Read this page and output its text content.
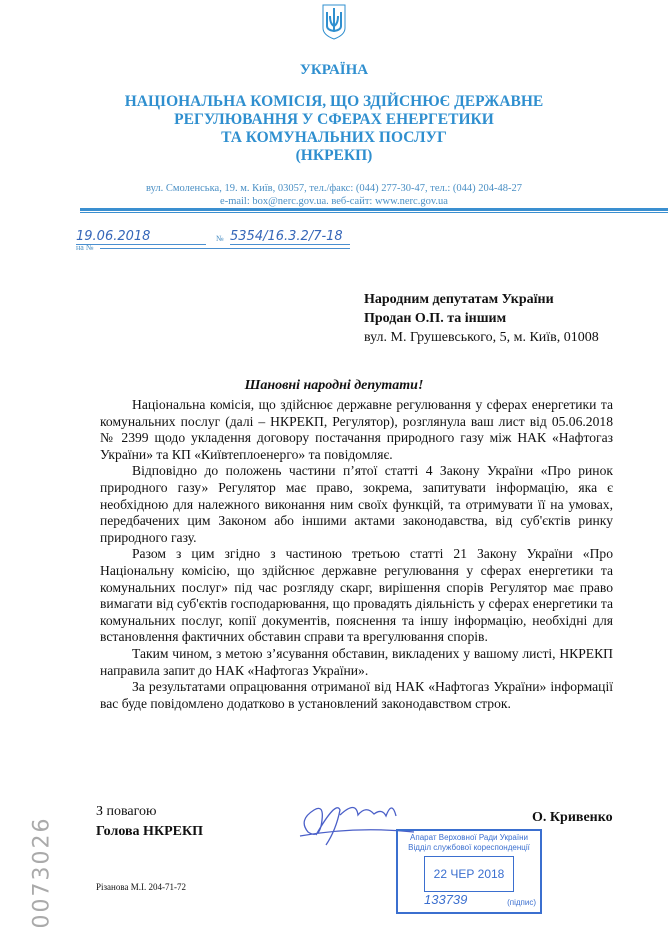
УКРАЇНА
НАЦІОНАЛЬНА КОМІСІЯ, ЩО ЗДІЙСНЮЄ ДЕРЖАВНЕ
РЕГУЛЮВАННЯ У СФЕРАХ ЕНЕРГЕТИКИ
ТА КОМУНАЛЬНИХ ПОСЛУГ
(НКРЕКП)
вул. Смоленська, 19. м. Київ, 03057, тел./факс: (044) 277-30-47, тел.: (044) 204-48-27
e-mail: box@nerc.gov.ua. веб-сайт: www.nerc.gov.ua
19.06.2018	№ 5354/16.3.2/7-18
на №
Народним депутатам України
Продан О.П. та іншим
вул. М. Грушевського, 5, м. Київ, 01008
Шановні народні депутати!

Національна комісія, що здійснює державне регулювання у сферах енергетики та комунальних послуг (далі – НКРЕКП, Регулятор), розглянула ваш лист від 05.06.2018 № 2399 щодо укладення договору постачання природного газу між НАК «Нафтогаз України» та КП «Київтеплоенерго» та повідомляє.

Відповідно до положень частини п’ятої статті 4 Закону України «Про ринок природного газу» Регулятор має право, зокрема, запитувати інформацію, яка є необхідною для належного виконання ним своїх функцій, та отримувати її на умовах, передбачених цим Законом або іншими актами законодавства, від суб'єктів ринку природного газу.

Разом з цим згідно з частиною третьою статті 21 Закону України «Про Національну комісію, що здійснює державне регулювання у сферах енергетики та комунальних послуг» під час розгляду скарг, вирішення спорів Регулятор має право вимагати від суб'єктів господарювання, що провадять діяльність у сферах енергетики та комунальних послуг, копії документів, пояснення та іншу інформацію, необхідні для встановлення фактичних обставин справи та врегулювання спорів.

Таким чином, з метою з’ясування обставин, викладених у вашому листі, НКРЕКП направила запит до НАК «Нафтогаз України».

За результатами опрацювання отриманої від НАК «Нафтогаз України» інформації вас буде повідомлено додатково в установлений законодавством строк.

З повагою
Голова НКРЕКП
О. Кривенко
0073026	Різанова М.І. 204-71-72
Апарат Верховної Ради України
Відділ службової кореспонденції
22 ЧЕР 2018
133739	(підпис)
